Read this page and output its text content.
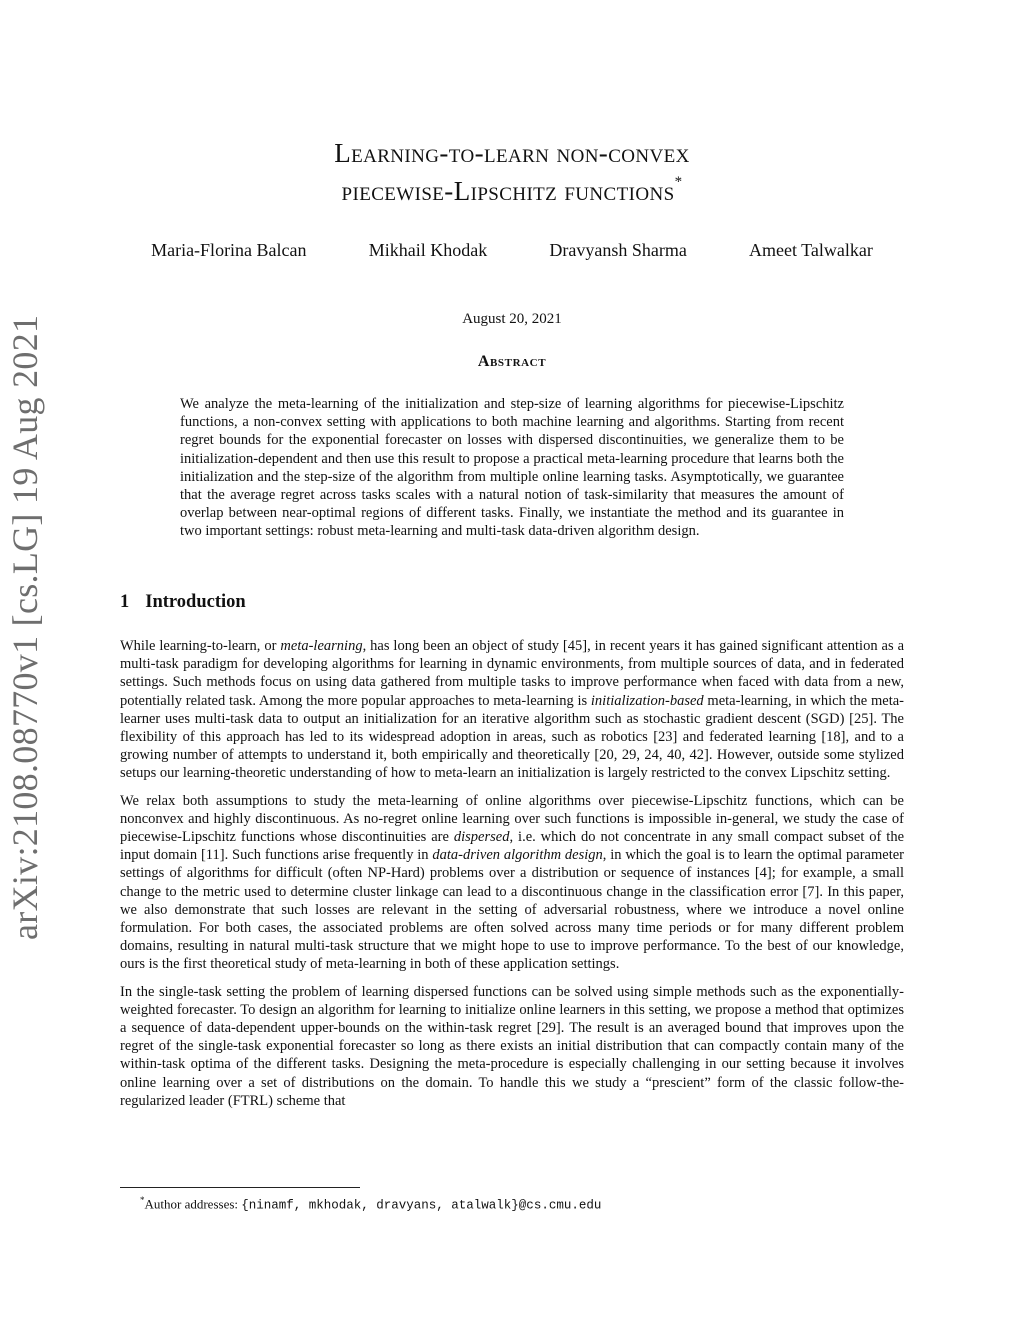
arXiv:2108.08770v1 [cs.LG] 19 Aug 2021
Learning-to-learn non-convex
piecewise-Lipschitz functions*
Maria-Florina Balcan	Mikhail Khodak	Dravyansh Sharma	Ameet Talwalkar
August 20, 2021
Abstract
We analyze the meta-learning of the initialization and step-size of learning algorithms for piecewise-Lipschitz functions, a non-convex setting with applications to both machine learning and algorithms. Starting from recent regret bounds for the exponential forecaster on losses with dispersed discontinuities, we generalize them to be initialization-dependent and then use this result to propose a practical meta-learning procedure that learns both the initialization and the step-size of the algorithm from multiple online learning tasks. Asymptotically, we guarantee that the average regret across tasks scales with a natural notion of task-similarity that measures the amount of overlap between near-optimal regions of different tasks. Finally, we instantiate the method and its guarantee in two important settings: robust meta-learning and multi-task data-driven algorithm design.
1 Introduction

While learning-to-learn, or meta-learning, has long been an object of study [45], in recent years it has gained significant attention as a multi-task paradigm for developing algorithms for learning in dynamic environments, from multiple sources of data, and in federated settings. Such methods focus on using data gathered from multiple tasks to improve performance when faced with data from a new, potentially related task. Among the more popular approaches to meta-learning is initialization-based meta-learning, in which the meta-learner uses multi-task data to output an initialization for an iterative algorithm such as stochastic gradient descent (SGD) [25]. The flexibility of this approach has led to its widespread adoption in areas, such as robotics [23] and federated learning [18], and to a growing number of attempts to understand it, both empirically and theoretically [20, 29, 24, 40, 42]. However, outside some stylized setups our learning-theoretic understanding of how to meta-learn an initialization is largely restricted to the convex Lipschitz setting.

We relax both assumptions to study the meta-learning of online algorithms over piecewise-Lipschitz functions, which can be nonconvex and highly discontinuous. As no-regret online learning over such functions is impossible in-general, we study the case of piecewise-Lipschitz functions whose discontinuities are dispersed, i.e. which do not concentrate in any small compact subset of the input domain [11]. Such functions arise frequently in data-driven algorithm design, in which the goal is to learn the optimal parameter settings of algorithms for difficult (often NP-Hard) problems over a distribution or sequence of instances [4]; for example, a small change to the metric used to determine cluster linkage can lead to a discontinuous change in the classification error [7]. In this paper, we also demonstrate that such losses are relevant in the setting of adversarial robustness, where we introduce a novel online formulation. For both cases, the associated problems are often solved across many time periods or for many different problem domains, resulting in natural multi-task structure that we might hope to use to improve performance. To the best of our knowledge, ours is the first theoretical study of meta-learning in both of these application settings.

In the single-task setting the problem of learning dispersed functions can be solved using simple methods such as the exponentially-weighted forecaster. To design an algorithm for learning to initialize online learners in this setting, we propose a method that optimizes a sequence of data-dependent upper-bounds on the within-task regret [29]. The result is an averaged bound that improves upon the regret of the single-task exponential forecaster so long as there exists an initial distribution that can compactly contain many of the within-task optima of the different tasks. Designing the meta-procedure is especially challenging in our setting because it involves online learning over a set of distributions on the domain. To handle this we study a “prescient” form of the classic follow-the-regularized leader (FTRL) scheme that

*Author addresses: {ninamf, mkhodak, dravyans, atalwalk}@cs.cmu.edu
